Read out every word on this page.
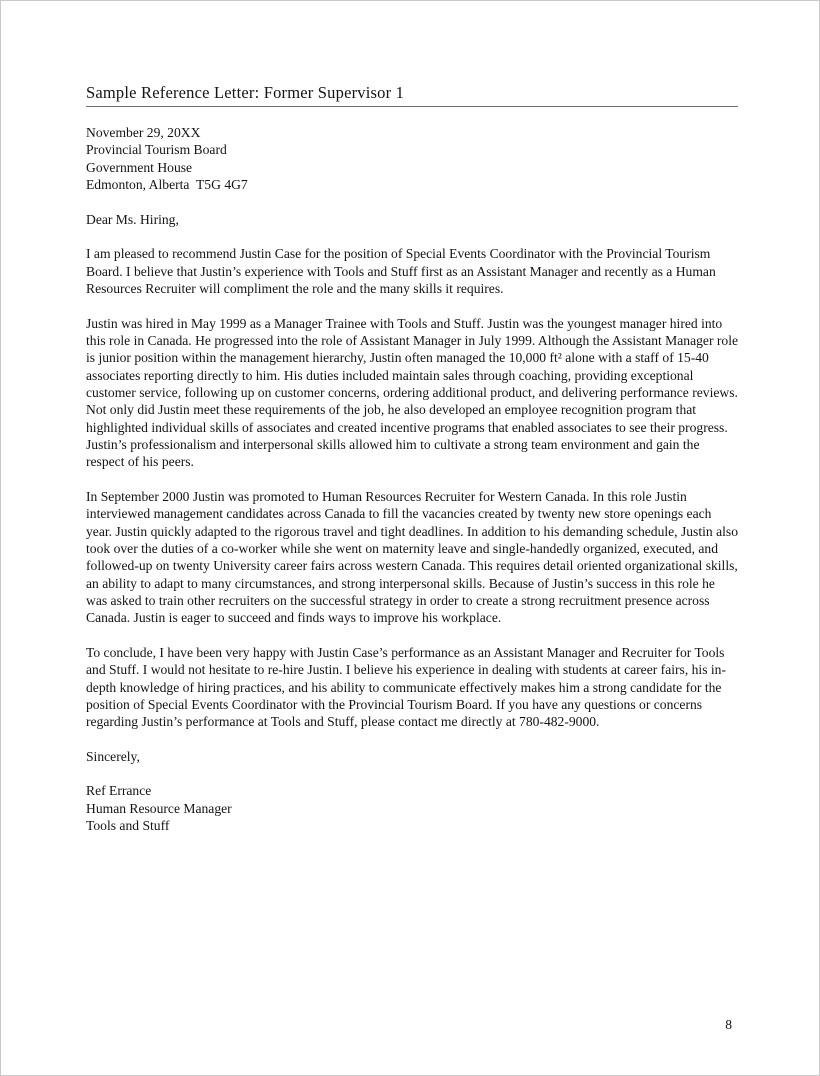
Sample Reference Letter: Former Supervisor 1
November 29, 20XX
Provincial Tourism Board
Government House
Edmonton, Alberta  T5G 4G7

Dear Ms. Hiring,

I am pleased to recommend Justin Case for the position of Special Events Coordinator with the Provincial Tourism Board. I believe that Justin’s experience with Tools and Stuff first as an Assistant Manager and recently as a Human Resources Recruiter will compliment the role and the many skills it requires.

Justin was hired in May 1999 as a Manager Trainee with Tools and Stuff. Justin was the youngest manager hired into this role in Canada. He progressed into the role of Assistant Manager in July 1999. Although the Assistant Manager role is junior position within the management hierarchy, Justin often managed the 10,000 ft² alone with a staff of 15-40 associates reporting directly to him. His duties included maintain sales through coaching, providing exceptional customer service, following up on customer concerns, ordering additional product, and delivering performance reviews. Not only did Justin meet these requirements of the job, he also developed an employee recognition program that highlighted individual skills of associates and created incentive programs that enabled associates to see their progress. Justin’s professionalism and interpersonal skills allowed him to cultivate a strong team environment and gain the respect of his peers.

In September 2000 Justin was promoted to Human Resources Recruiter for Western Canada. In this role Justin interviewed management candidates across Canada to fill the vacancies created by twenty new store openings each year. Justin quickly adapted to the rigorous travel and tight deadlines. In addition to his demanding schedule, Justin also took over the duties of a co-worker while she went on maternity leave and single-handedly organized, executed, and followed-up on twenty University career fairs across western Canada. This requires detail oriented organizational skills, an ability to adapt to many circumstances, and strong interpersonal skills. Because of Justin’s success in this role he was asked to train other recruiters on the successful strategy in order to create a strong recruitment presence across Canada. Justin is eager to succeed and finds ways to improve his workplace.

To conclude, I have been very happy with Justin Case’s performance as an Assistant Manager and Recruiter for Tools and Stuff. I would not hesitate to re-hire Justin. I believe his experience in dealing with students at career fairs, his in-depth knowledge of hiring practices, and his ability to communicate effectively makes him a strong candidate for the position of Special Events Coordinator with the Provincial Tourism Board. If you have any questions or concerns regarding Justin’s performance at Tools and Stuff, please contact me directly at 780-482-9000.

Sincerely,

Ref Errance
Human Resource Manager
Tools and Stuff
8
